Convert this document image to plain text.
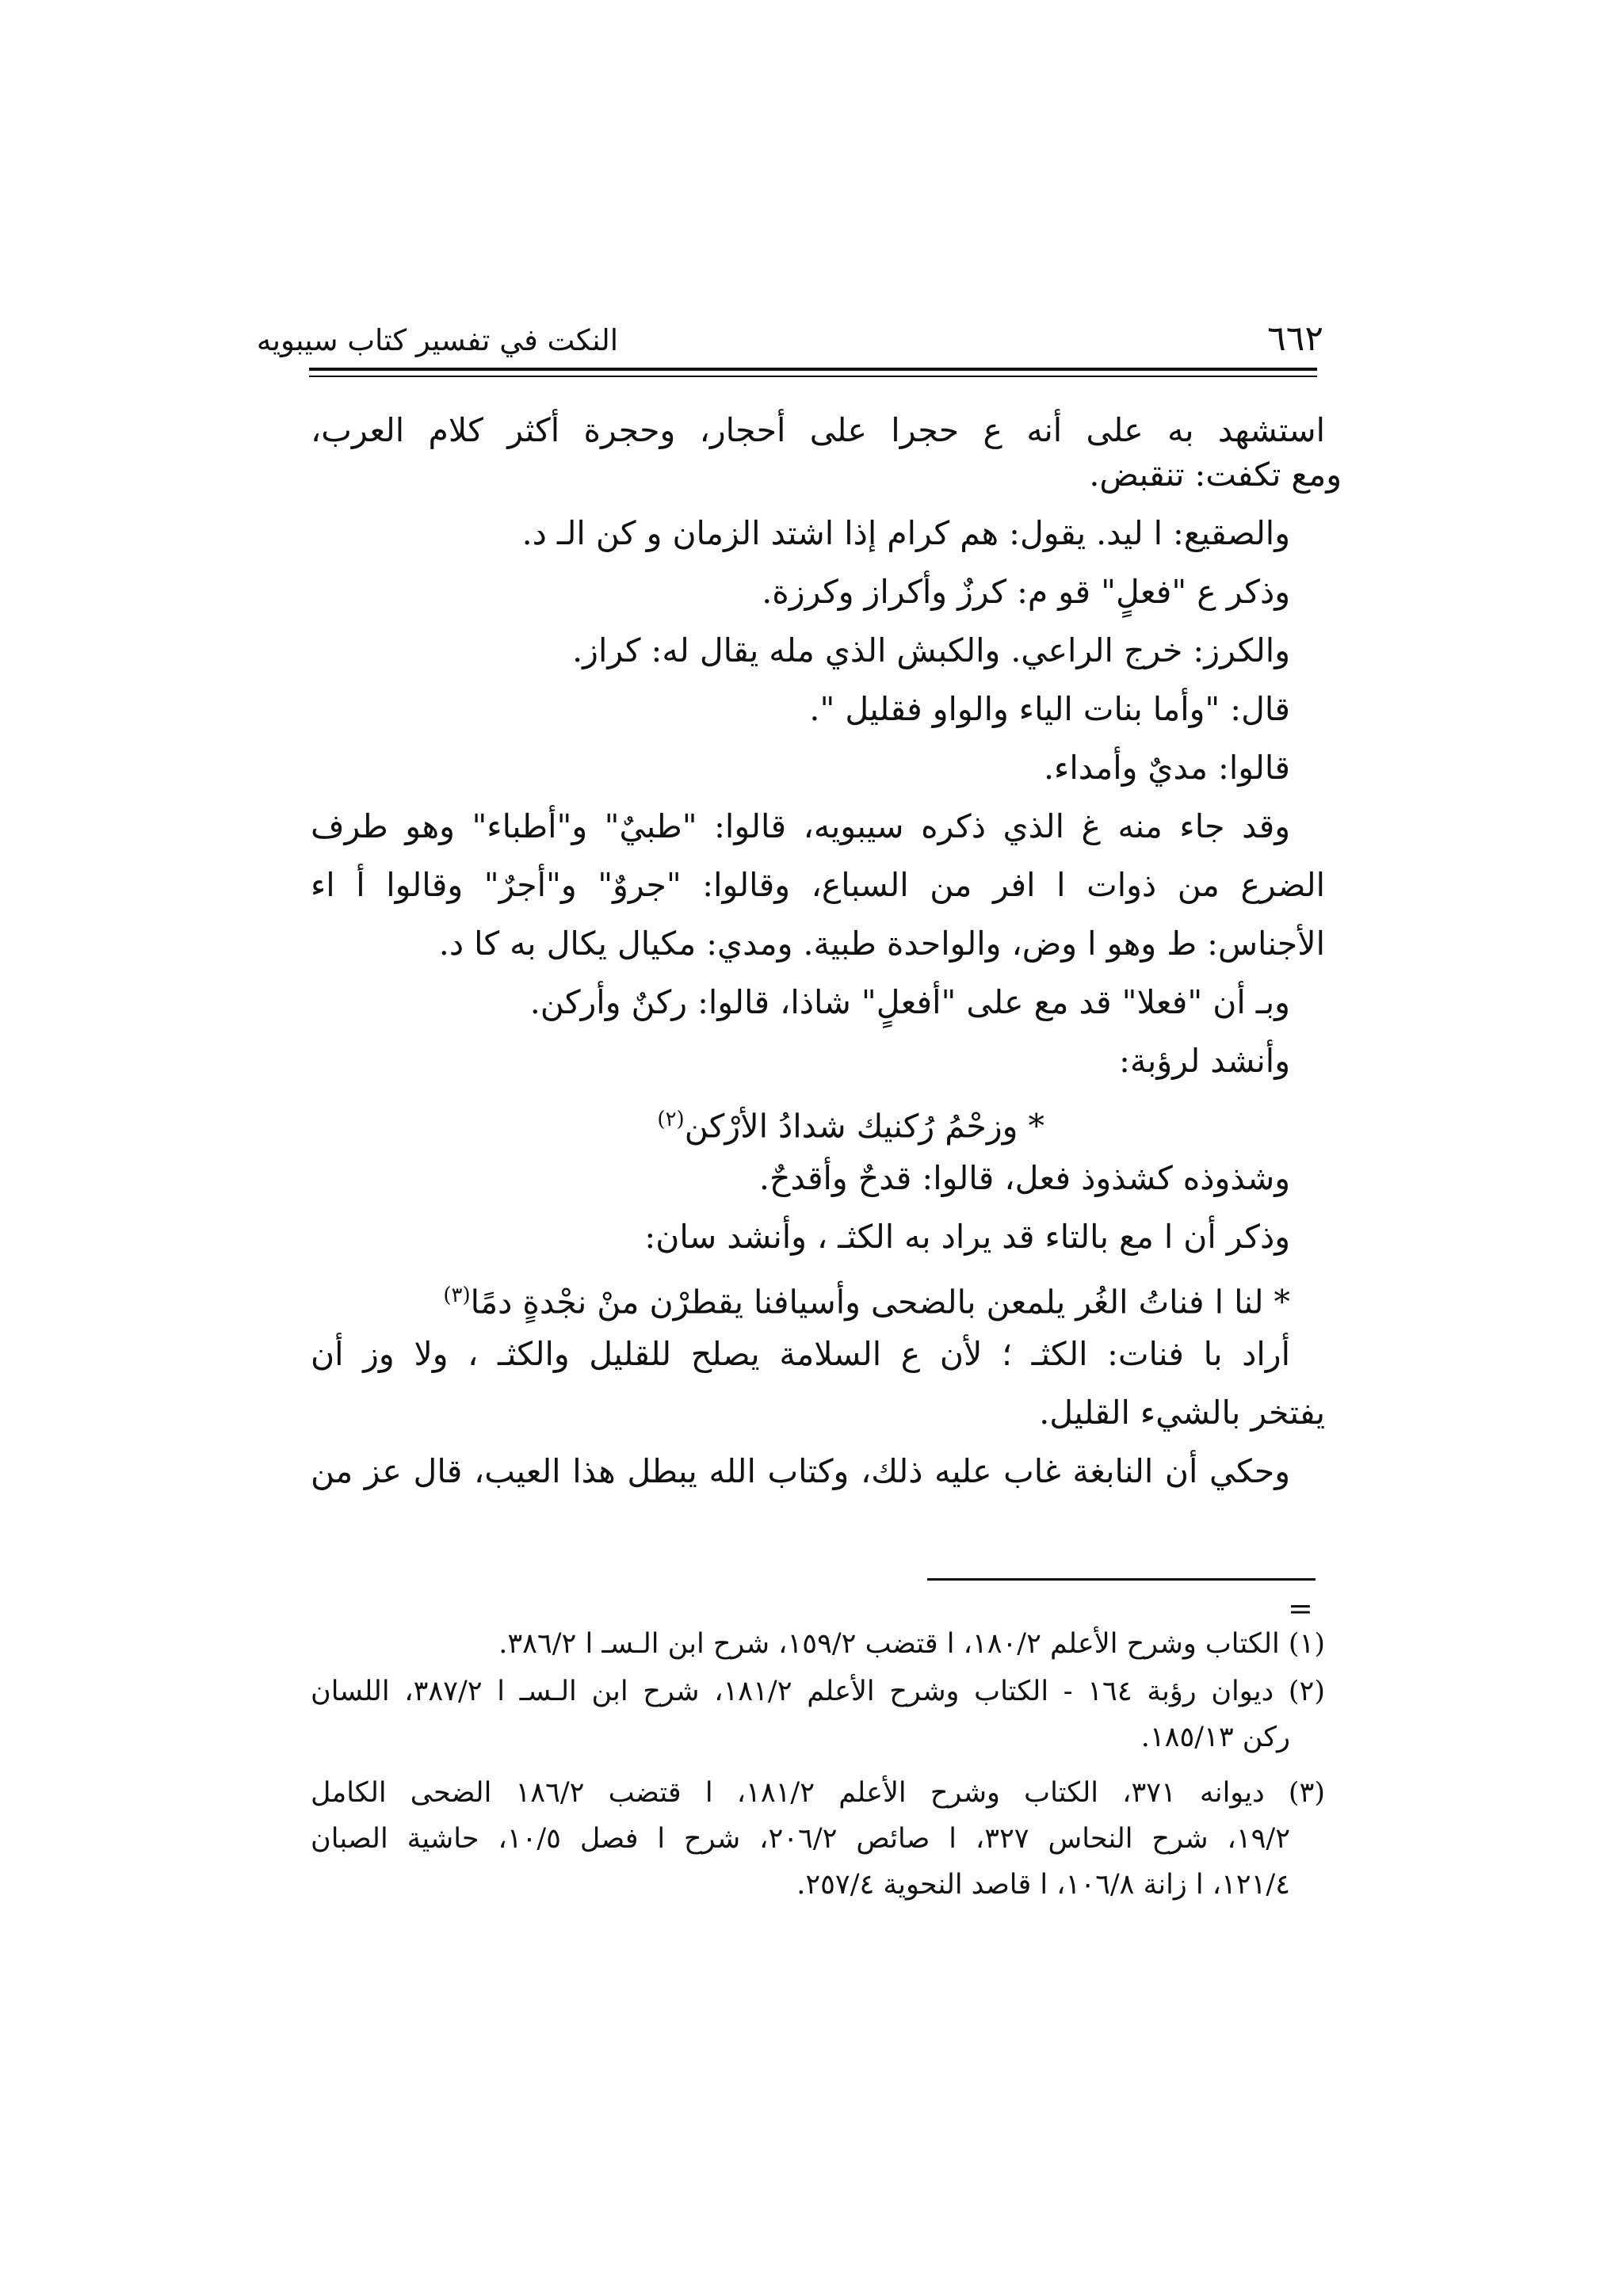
النكت في تفسير كتاب سيبويه	٦٦٢
استشهد به على أنه ع حجرا على أحجار، وحجرة أكثر كلام العرب،
ومع تكفت: تنقبض.
والصقيع: ا ليد. يقول: هم كرام إذا اشتد الزمان و كن الـ د.
وذكر ع "فعلٍ" قو م: كرزٌ وأكراز وكرزة.
والكرز: خرج الراعي. والكبش الذي مله يقال له: كراز.
قال: "وأما بنات الياء والواو فقليل ".
قالوا: مديٌ وأمداء.
وقد جاء منه غ الذي ذكره سيبويه، قالوا: "طبيٌ" و"أطباء" وهو طرف
الضرع من ذوات ا افر من السباع، وقالوا: "جروٌ" و"أجرٌ" وقالوا أ اء
الأجناس: ط وهو ا وض، والواحدة طبية. ومدي: مكيال يكال به كا د.
وبـ أن "فعلا" قد مع على "أفعلٍ" شاذا، قالوا: ركنٌ وأركن.
وأنشد لرؤبة:
* وزحْمُ رُكنيك شدادُ الأرْكن$^{(٢)}$
وشذوذه كشذوذ فعل، قالوا: قدحٌ وأقدحٌ.
وذكر أن ا مع بالتاء قد يراد به الكثـ ، وأنشد سان:
* لنا ا فناتُ الغُر يلمعن بالضحى وأسيافنا يقطرْن منْ نجْدةٍ دمًا$^{(٣)}$
أراد با فنات: الكثـ ؛ لأن ع السلامة يصلح للقليل والكثـ ، ولا وز أن
يفتخر بالشيء القليل.
وحكي أن النابغة غاب عليه ذلك، وكتاب الله يبطل هذا العيب، قال عز من
=
(١) الكتاب وشرح الأعلم ١٨٠/٢، ا قتضب ١٥٩/٢، شرح ابن الـسـ ا ٣٨٦/٢.
(٢) ديوان رؤبة ١٦٤ - الكتاب وشرح الأعلم ١٨١/٢، شرح ابن الـسـ ا ٣٨٧/٢، اللسان
ركن ١٨٥/١٣.
(٣) ديوانه ٣٧١، الكتاب وشرح الأعلم ١٨١/٢، ا قتضب ١٨٦/٢ الضحى الكامل
١٩/٢، شرح النحاس ٣٢٧، ا صائص ٢٠٦/٢، شرح ا فصل ١٠/٥، حاشية الصبان
١٢١/٤، ا زانة ١٠٦/٨، ا قاصد النحوية ٢٥٧/٤.
